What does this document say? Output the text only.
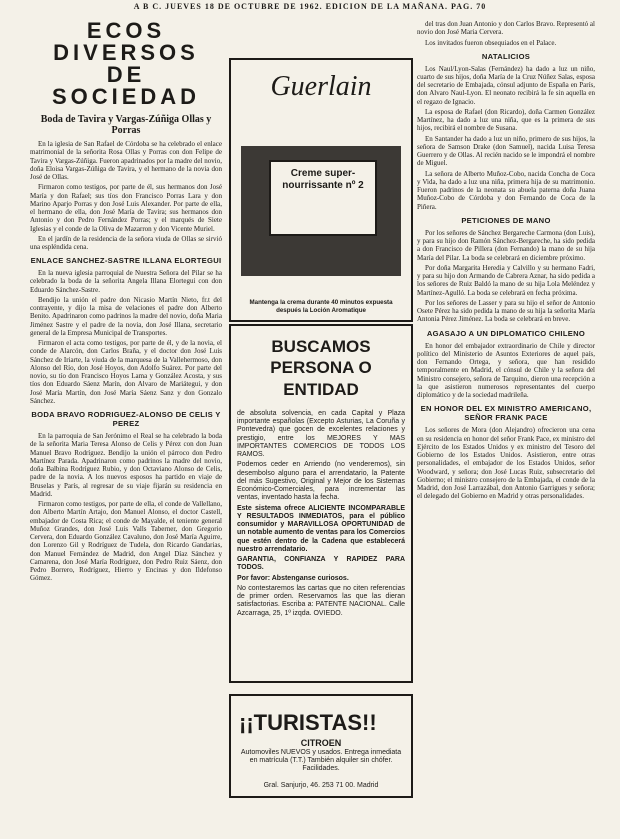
A B C. JUEVES 18 DE OCTUBRE DE 1962. EDICION DE LA MAÑANA. PAG. 70
ECOS DIVERSOS DE SOCIEDAD
Boda de Tavira y Vargas-Zúñiga Ollas y Porras

En la iglesia de San Rafael de Córdoba se ha celebrado el enlace matrimonial de la señorita Rosa Ollas y Porras con don Felipe de Tavira y Vargas-Zúñiga. Fueron apadrinados por la madre del novio, doña Eloisa Vargas-Zúñiga de Tavira, y el hermano de la novia don José de Ollas.

Firmaron como testigos, por parte de él, sus hermanos don José María y don Rafael; sus tíos don Francisco Porras Lara y don Marino Aparjo Porras y don José Luis Alexander. Por parte de ella, el hermano de ella, don José María de Tavira; sus hermanos don Antonio y don Pedro Fernández Porras; y el marqués de Siete Iglesias y el conde de la Oliva de Mazarron y don Vicente Muriel.

En el jardín de la residencia de la señora viuda de Ollas se sirvió una espléndida cena.

ENLACE SANCHEZ-SASTRE ILLANA ELORTEGUI

En la nueva iglesia parroquial de Nuestra Señora del Pilar se ha celebrado la boda de la señorita Angela Illana Elortegui con don Eduardo Sánchez-Sastre.

Bendijo la unión el padre don Nicasio Martín Nieto, fr.t del contrayente, y dijo la misa de velaciones el padre don Alberto Benito. Apadrinaron como padrinos la madre del novio, doña Maria Jiménez Sastre y el padre de la novia, don José Illana, secretario general de la Empresa Municipal de Transportes.

Firmaron el acta como testigos, por parte de él, y de la novia, el conde de Alarcón, don Carlos Braña, y el doctor don José Luis Sánchez de Iriarte, la viuda de la marquesa de la Vallehermoso, don Alonso del Río, don José Hoyos, don Adolfo Suárez. Por parte del novio, su tío don Francisco Hoyos Lama y González Acosta, y sus tíos don Eduardo Sáenz Marín, don Alvaro de Mariátegui, y don José María Martín, don José María Sáenz Sanz y don Gonzalo Sánchez.

BODA BRAVO RODRIGUEZ-ALONSO DE CELIS Y PEREZ

En la parroquia de San Jerónimo el Real se ha celebrado la boda de la señorita Maria Teresa Alonso de Celis y Pérez con don Juan Manuel Bravo Rodríguez. Bendijo la unión el párroco don Pedro Martínez Parada. Apadrinaron como padrinos la madre del novio, doña Balbina Rodríguez Rubio, y don Octaviano Alonso de Celis, padre de la novia. A los nuevos esposos ha partido en viaje de Bruselas y París, al regresar de su viaje fijarán su residencia en Madrid.

Firmaron como testigos, por parte de ella, el conde de Vallellano, don Alberto Martín Artajo, don Manuel Alonso, el doctor Castell, embajador de Costa Rica; el conde de Mayalde, el teniente general Muñoz Grandes, don José Luis Valls Taberner, don Gregorio Cervera, don Eduardo González Cavaluno, don José María Aguirre, don Lorenzo Gil y Rodríguez de Tudela, don Ricardo Gandarias, don Manuel Fernández de Madrid, don Angel Díaz Sánchez y Camarena, don José María Rodríguez, don Pedro Ruiz Sáenz, don Pedro Borrero, Rodríguez, Hierro y Encinas y don Ildefonso Gómez.

Guerlain
Creme super-nourrissante nº 2
Mantenga la crema durante 40 minutos expuesta después la Loción Aromatique
BUSCAMOS PERSONA O ENTIDAD

de absoluta solvencia, en cada Capital y Plaza importante españolas (Excepto Asturias, La Coruña y Pontevedra) que gocen de excelentes relaciones y prestigio, entre los MEJORES Y MAS IMPORTANTES COMERCIOS DE TODOS LOS RAMOS.

Podemos ceder en Arriendo (no venderemos), sin desembolso alguno para el arrendatario, la Patente del más Sugestivo, Original y Mejor de los Sistemas Económico-Comerciales, para incrementar las ventas, inventado hasta la fecha.

Este sistema ofrece ALICIENTE INCOMPARABLE Y RESULTADOS INMEDIATOS, para el público consumidor y MARAVILLOSA OPORTUNIDAD de un notable aumento de ventas para los Comercios que estén dentro de la Cadena que establecerá nuestro arrendatario.

GARANTIA, CONFIANZA Y RAPIDEZ PARA TODOS.

Por favor: Abstenganse curiosos.

No contestaremos las cartas que no citen referencias de primer orden. Reservamos las que las dieran satisfactorias. Escriba a: PATENTE NACIONAL. Calle Azcarraga, 25, 1º izqda. OVIEDO.

¡¡TURISTAS!!
CITROEN

Automoviles NUEVOS y usados. Entrega inmediata en matrícula (T.T.) También alquiler sin chófer. Facilidades.

Gral. Sanjurjo, 46. 253 71 00. Madrid

del tras don Juan Antonio y don Carlos Bravo. Representó al novio don José Maria Cervera.

Los invitados fueron obsequiados en el Palace.

NATALICIOS

Los Naul/Lyon-Salas (Fernández) ha dado a luz un niño, cuarto de sus hijos, doña María de la Cruz Núñez Salas, esposa del secretario de Embajada, cónsul adjunto de España en París, don Alvaro Naul-Lyon. El neonato recibirá la fe sin aquella en el regazo de Ignacio.

La esposa de Rafael (don Ricardo), doña Carmen González Martínez, ha dado a luz una niña, que es la primera de sus hijos, recibirá el nombre de Susana.

En Santander ha dado a luz un niño, primero de sus hijos, la señora de Samson Drake (don Samuel), nacida Luisa Teresa Guerrero y de Ollas. Al recién nacido se le impondrá el nombre de Miguel.

La señora de Alberto Muñoz-Cobo, nacida Concha de Coca y Vida, ha dado a luz una niña, primera hija de su matrimonio. Fueron padrinos de la neonata su abuela paterna doña Juana Muñoz-Cobo de Córdoba y don Fernando de Coca de la Piñera.

PETICIONES DE MANO

Por los señores de Sánchez Bergareche Carmona (don Luis), y para su hijo don Ramón Sánchez-Bergareche, ha sido pedida a don Francisco de Pillera (don Fernando) la mano de su hija María del Pilar. La boda se celebrará en diciembre próximo.

Por doña Margarita Heredia y Calvillo y su hermano Fadri, y para su hijo don Armando de Cabrera Aznar, ha sido pedida a los señores de Ruiz Baldó la mano de su hija Lola Meléndez y Martínez-Agulló. La boda se celebrará en fecha próxima.

Por los señores de Lasser y para su hijo el señor de Antonio Osete Pérez ha sido pedida la mano de su hija la señorita María Antonia Pérez Jiménez. La boda se celebrará en breve.

AGASAJO A UN DIPLOMATICO CHILENO

En honor del embajador extraordinario de Chile y director político del Ministerio de Asuntos Exteriores de aquel país, don Fernando Ortega, y señora, que han residido temporalmente en Madrid, el cónsul de Chile y la señora del Ministro consejero, señora de Tarquino, dieron una recepción a la que asistieron numerosos representantes del cuerpo diplomático y de la sociedad madrileña.

EN HONOR DEL EX MINISTRO AMERICANO, SEÑOR FRANK PACE

Los señores de Mora (don Alejandro) ofrecieron una cena en su residencia en honor del señor Frank Pace, ex ministro del Ejército de los Estados Unidos y ex ministro del Tesoro del Gobierno de los Estados Unidos. Asistieron, entre otras personalidades, el embajador de los Estados Unidos, señor Woodward, y señora; don José Lucas Ruiz, subsecretario del Gobierno; el ministro consejero de la Embajada, el conde de la Madrid, don José Larrazábal, don Antonio Garrigues y señora; el delegado del Gobierno en Madrid y otras personalidades.
